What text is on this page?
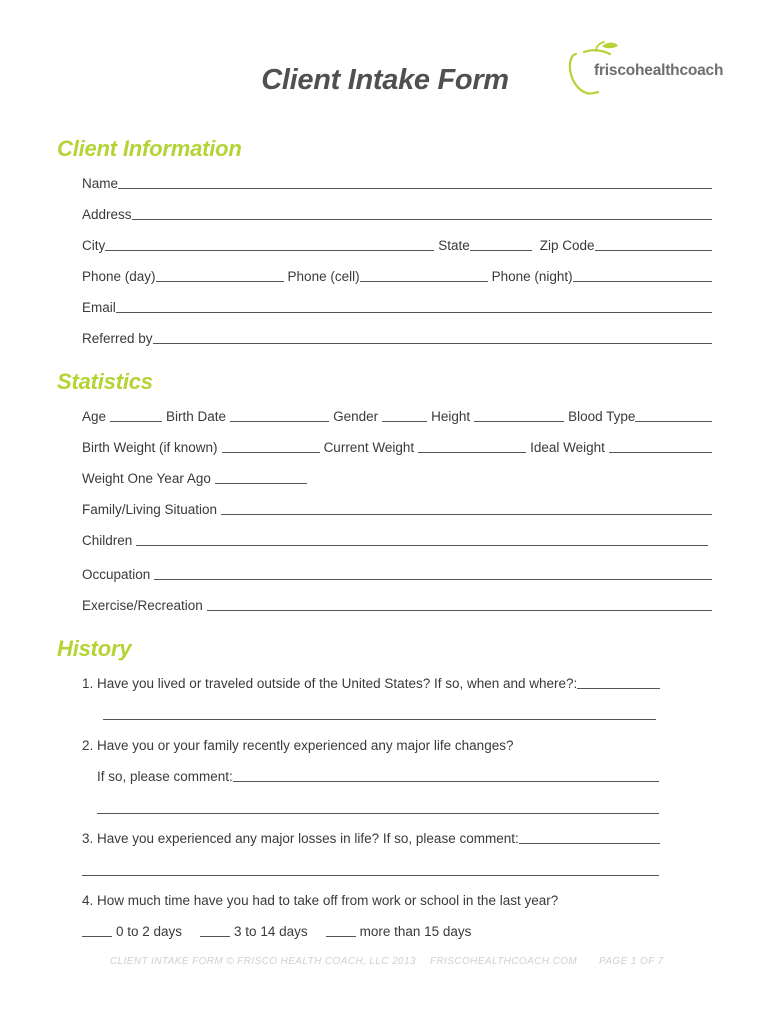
Client Intake Form	friscohealthcoach
Client Information
Name
Address
City	State	Zip Code
Phone (day)	Phone (cell)	Phone (night)
Email
Referred by
Statistics
Age	Birth Date	Gender	Height	Blood Type
Birth Weight (if known)	Current Weight	Ideal Weight
Weight One Year Ago
Family/Living Situation
Children
Occupation
Exercise/Recreation
History
1. Have you lived or traveled outside of the United States? If so, when and where?:
2. Have you or your family recently experienced any major life changes?
If so, please comment:
3. Have you experienced any major losses in life? If so, please comment:
4. How much time have you had to take off from work or school in the last year?
0 to 2 days	3 to 14 days	more than 15 days
CLIENT INTAKE FORM © FRISCO HEALTH COACH, LLC 2013 FRISCOHEALTHCOACH.COM PAGE 1 OF 7
